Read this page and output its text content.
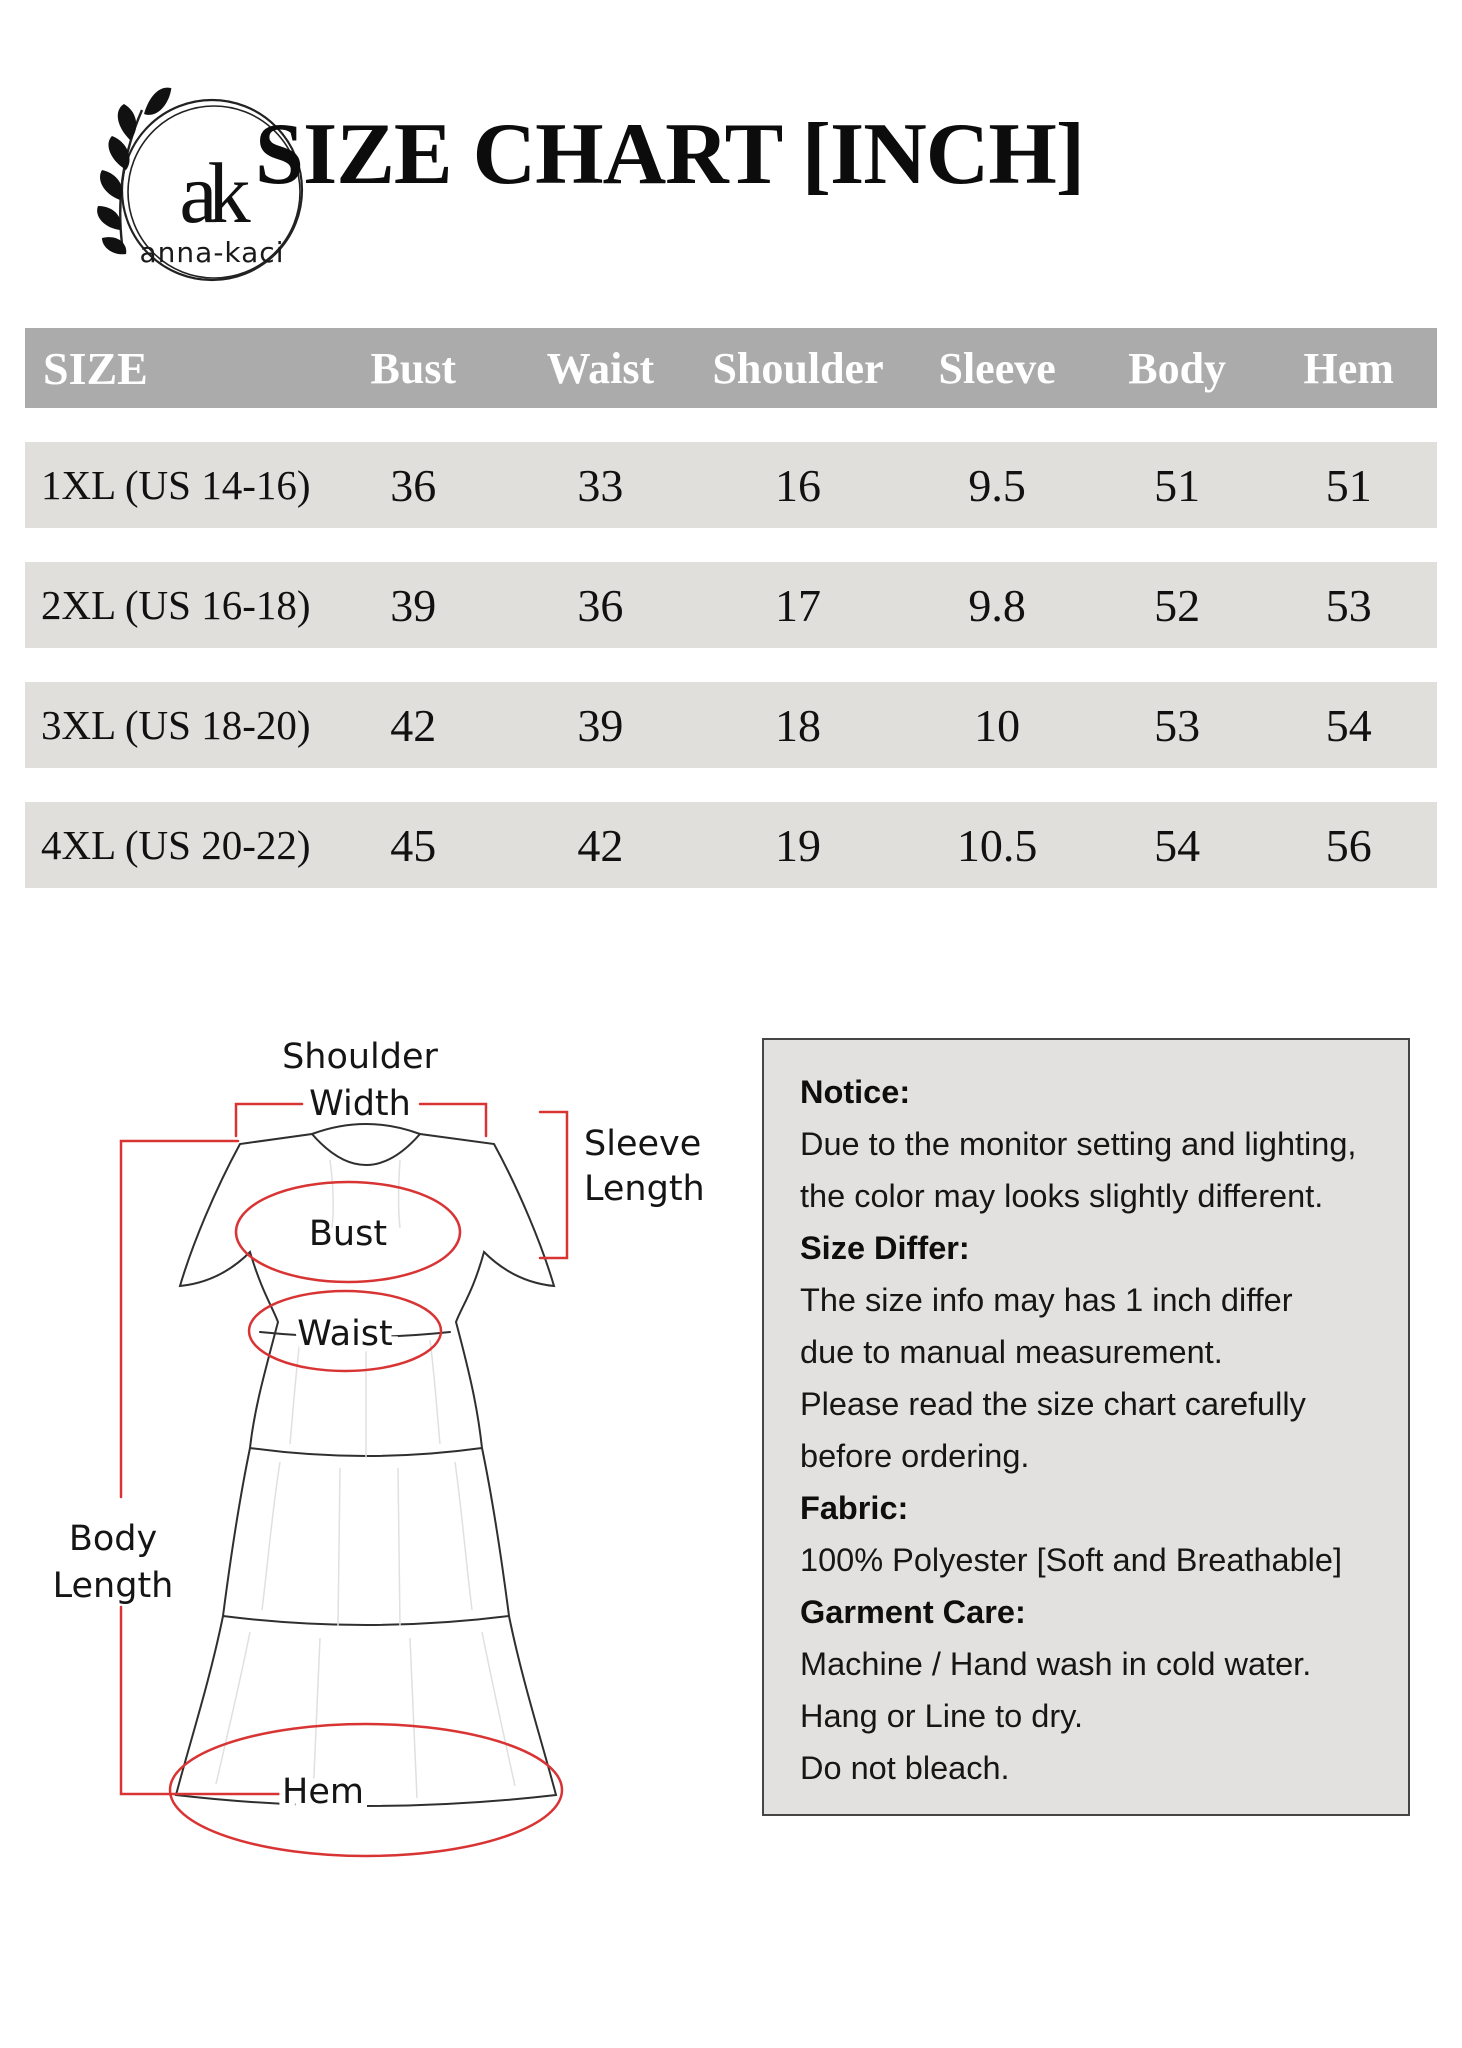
ak
anna-kaci
SIZE CHART [INCH]
SIZE	Bust	Waist	Shoulder	Sleeve	Body	Hem
1XL (US 14-16)	36	33	16	9.5	51	51
2XL (US 16-18)	39	36	17	9.8	52	53
3XL (US 18-20)	42	39	18	10	53	54
4XL (US 20-22)	45	42	19	10.5	54	56
Shoulder
Width
Sleeve
Length
Bust
Waist
Body
Length
Hem
Notice:
Due to the monitor setting and lighting,
the color may looks slightly different.
Size Differ:
The size info may has 1 inch differ
due to manual measurement.
Please read the size chart carefully
before ordering.
Fabric:
100% Polyester [Soft and Breathable]
Garment Care:
Machine / Hand wash in cold water.
Hang or Line to dry.
Do not bleach.
